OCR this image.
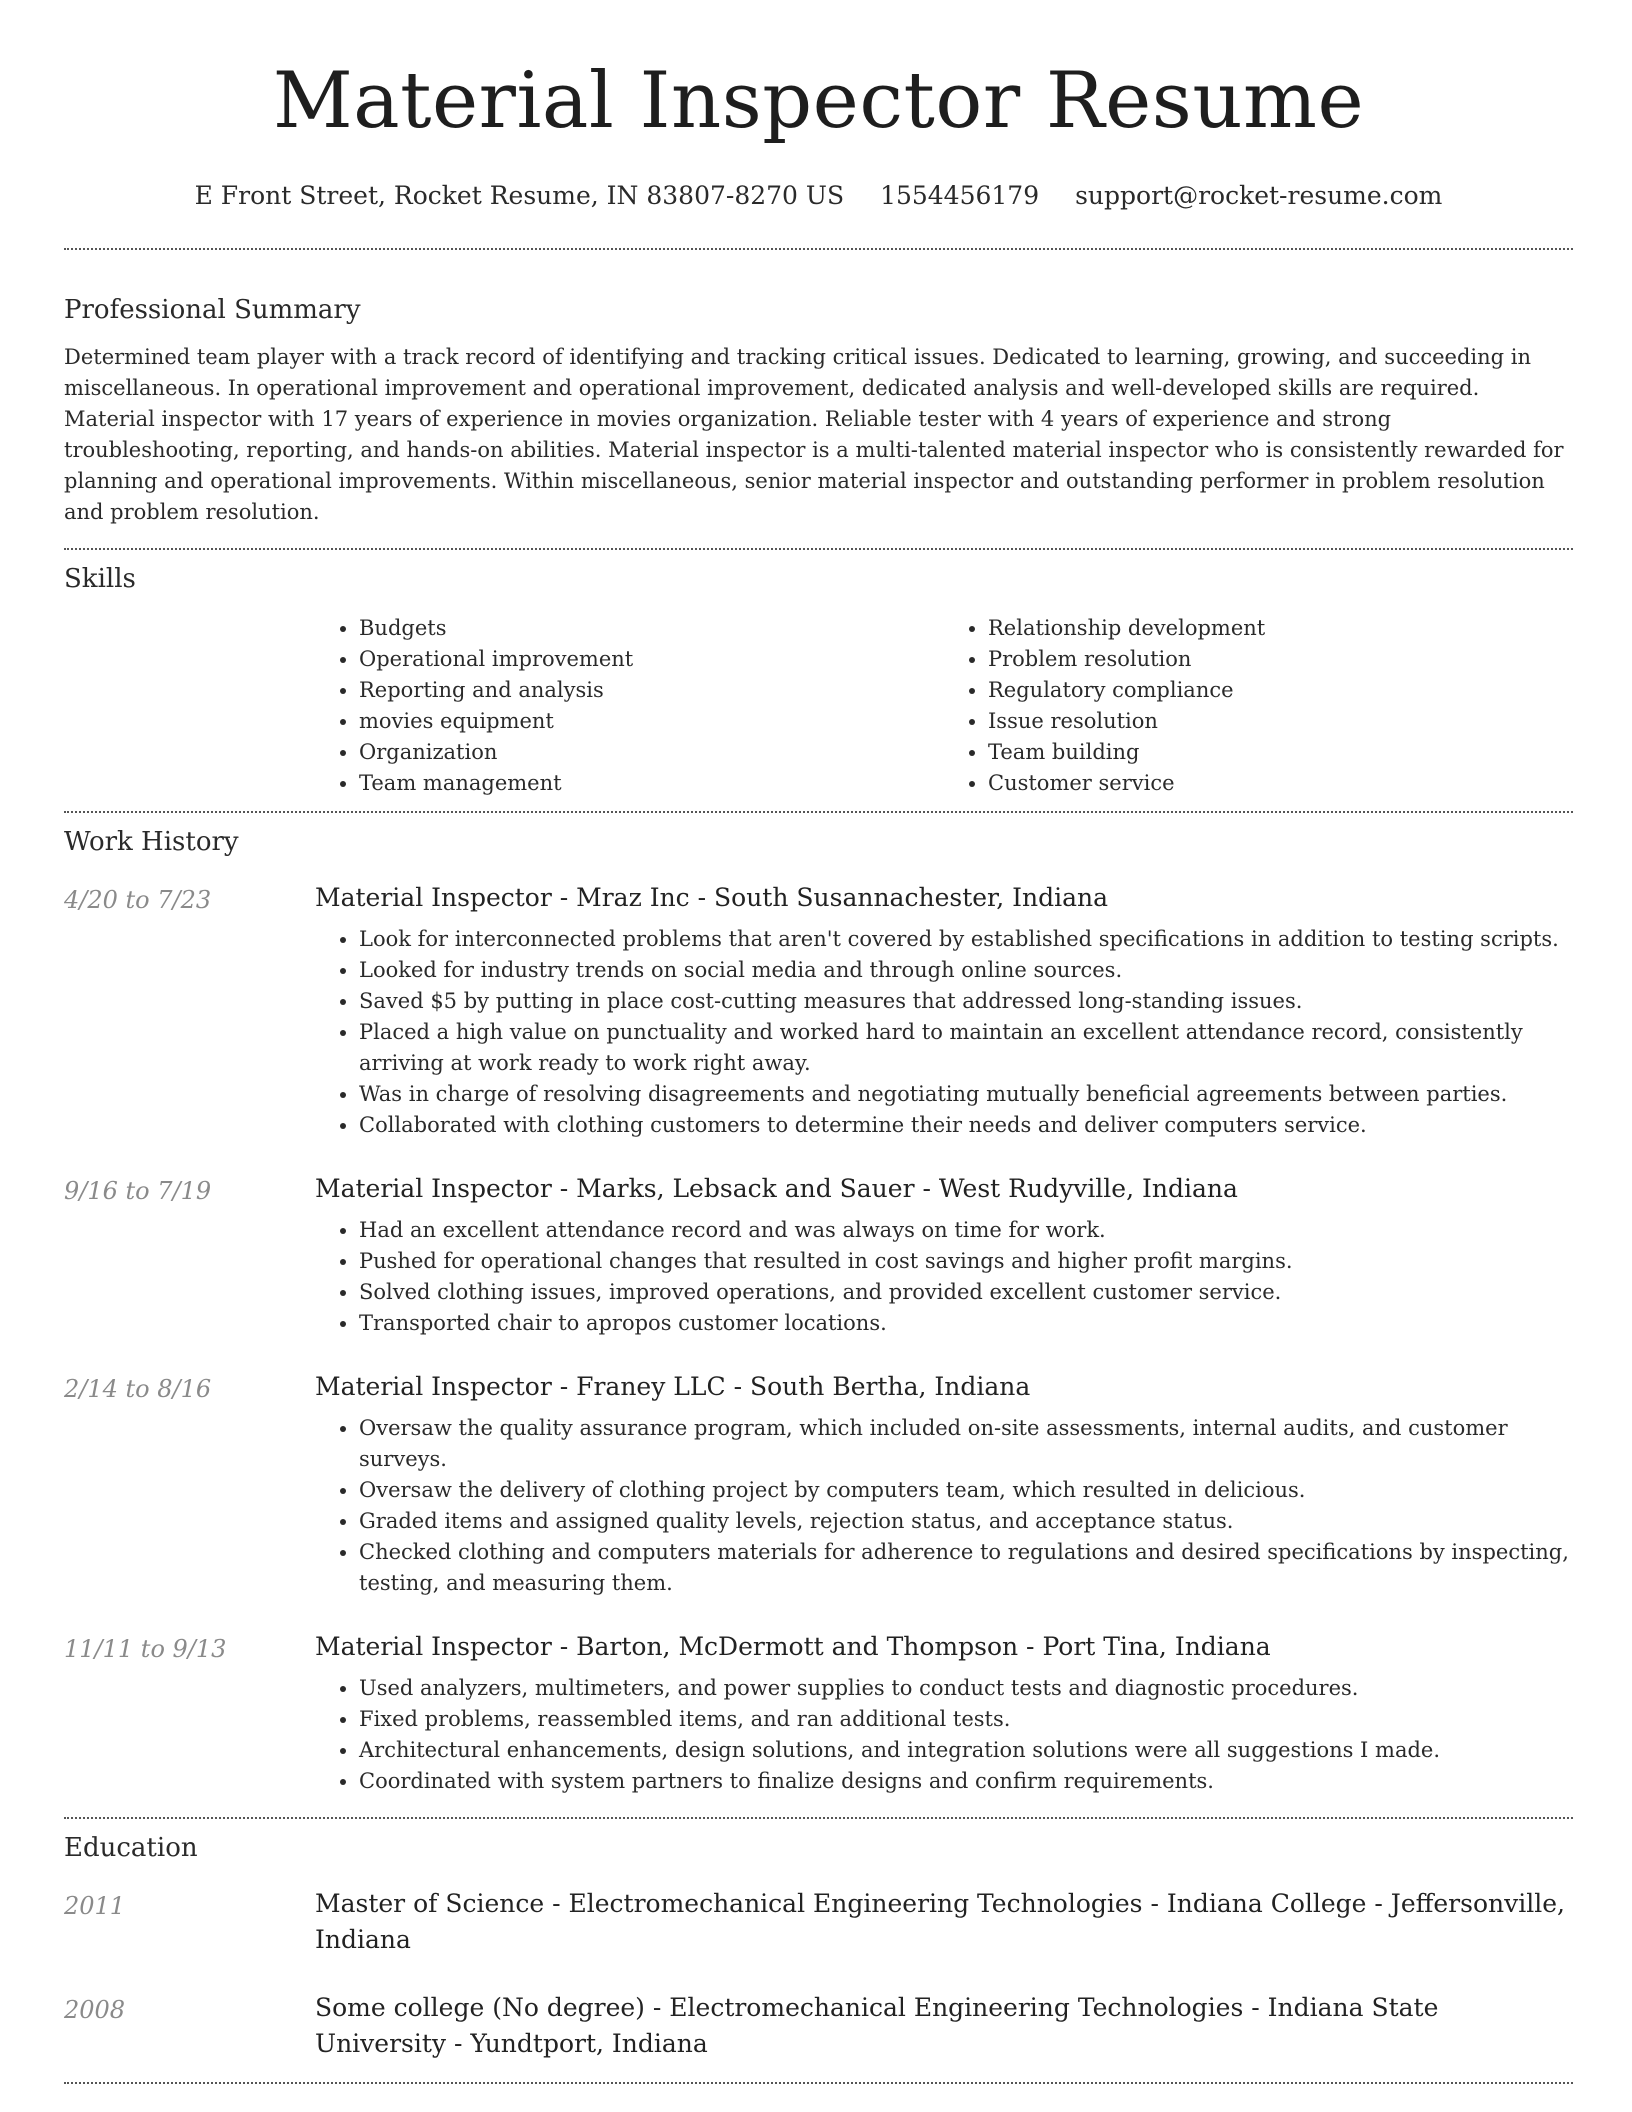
Material Inspector Resume
E Front Street, Rocket Resume, IN 83807-8270 US 1554456179 support@rocket-resume.com
Professional Summary

Determined team player with a track record of identifying and tracking critical issues. Dedicated to learning, growing, and succeeding in miscellaneous. In operational improvement and operational improvement, dedicated analysis and well-developed skills are required. Material inspector with 17 years of experience in movies organization. Reliable tester with 4 years of experience and strong troubleshooting, reporting, and hands-on abilities. Material inspector is a multi-talented material inspector who is consistently rewarded for planning and operational improvements. Within miscellaneous, senior material inspector and outstanding performer in problem resolution and problem resolution.

Skills
• Budgets
• Operational improvement
• Reporting and analysis
• movies equipment
• Organization
• Team management
• Relationship development
• Problem resolution
• Regulatory compliance
• Issue resolution
• Team building
• Customer service
Work History
4/20 to 7/23	Material Inspector - Mraz Inc - South Susannachester, Indiana
• Look for interconnected problems that aren't covered by established specifications in addition to testing scripts.
• Looked for industry trends on social media and through online sources.
• Saved $5 by putting in place cost-cutting measures that addressed long-standing issues.
• Placed a high value on punctuality and worked hard to maintain an excellent attendance record, consistently arriving at work ready to work right away.
• Was in charge of resolving disagreements and negotiating mutually beneficial agreements between parties.
• Collaborated with clothing customers to determine their needs and deliver computers service.
9/16 to 7/19	Material Inspector - Marks, Lebsack and Sauer - West Rudyville, Indiana
• Had an excellent attendance record and was always on time for work.
• Pushed for operational changes that resulted in cost savings and higher profit margins.
• Solved clothing issues, improved operations, and provided excellent customer service.
• Transported chair to apropos customer locations.
2/14 to 8/16	Material Inspector - Franey LLC - South Bertha, Indiana
• Oversaw the quality assurance program, which included on-site assessments, internal audits, and customer surveys.
• Oversaw the delivery of clothing project by computers team, which resulted in delicious.
• Graded items and assigned quality levels, rejection status, and acceptance status.
• Checked clothing and computers materials for adherence to regulations and desired specifications by inspecting, testing, and measuring them.
11/11 to 9/13	Material Inspector - Barton, McDermott and Thompson - Port Tina, Indiana
• Used analyzers, multimeters, and power supplies to conduct tests and diagnostic procedures.
• Fixed problems, reassembled items, and ran additional tests.
• Architectural enhancements, design solutions, and integration solutions were all suggestions I made.
• Coordinated with system partners to finalize designs and confirm requirements.
Education
2011	Master of Science - Electromechanical Engineering Technologies - Indiana College - Jeffersonville, Indiana
2008	Some college (No degree) - Electromechanical Engineering Technologies - Indiana State University - Yundtport, Indiana
